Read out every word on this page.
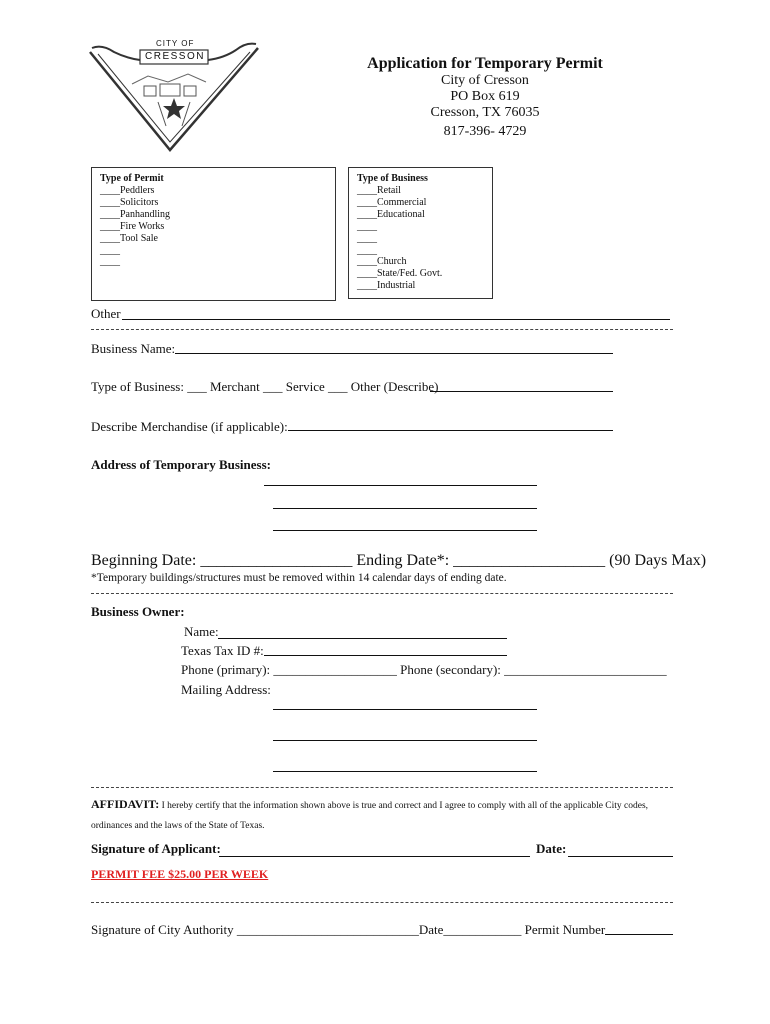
CITY OF
CRESSON	Application for Temporary Permit
City of Cresson
PO Box 619
Cresson, TX 76035
817-396- 4729
Type of Permit
____Peddlers
____Solicitors
____Panhandling
____Fire Works
____Tool Sale
____
____
Type of Business
____Retail
____Commercial
____Educational
____
____
____
____Church
____State/Fed. Govt.
____Industrial
Other
Business Name:
Type of Business: ___ Merchant ___ Service ___ Other (Describe)
Describe Merchandise (if applicable):
Address of Temporary Business:
Beginning Date: ___________________ Ending Date*: ___________________ (90 Days Max)
*Temporary buildings/structures must be removed within 14 calendar days of ending date.
Business Owner:
Name:
Texas Tax ID #:
Phone (primary): ___________________ Phone (secondary): _________________________
Mailing Address:
AFFIDAVIT: I hereby certify that the information shown above is true and correct and I agree to comply with all of the applicable City codes, ordinances and the laws of the State of Texas.
Signature of Applicant:	Date:
PERMIT FEE $25.00 PER WEEK
Signature of City Authority ____________________________Date____________ Permit Number
